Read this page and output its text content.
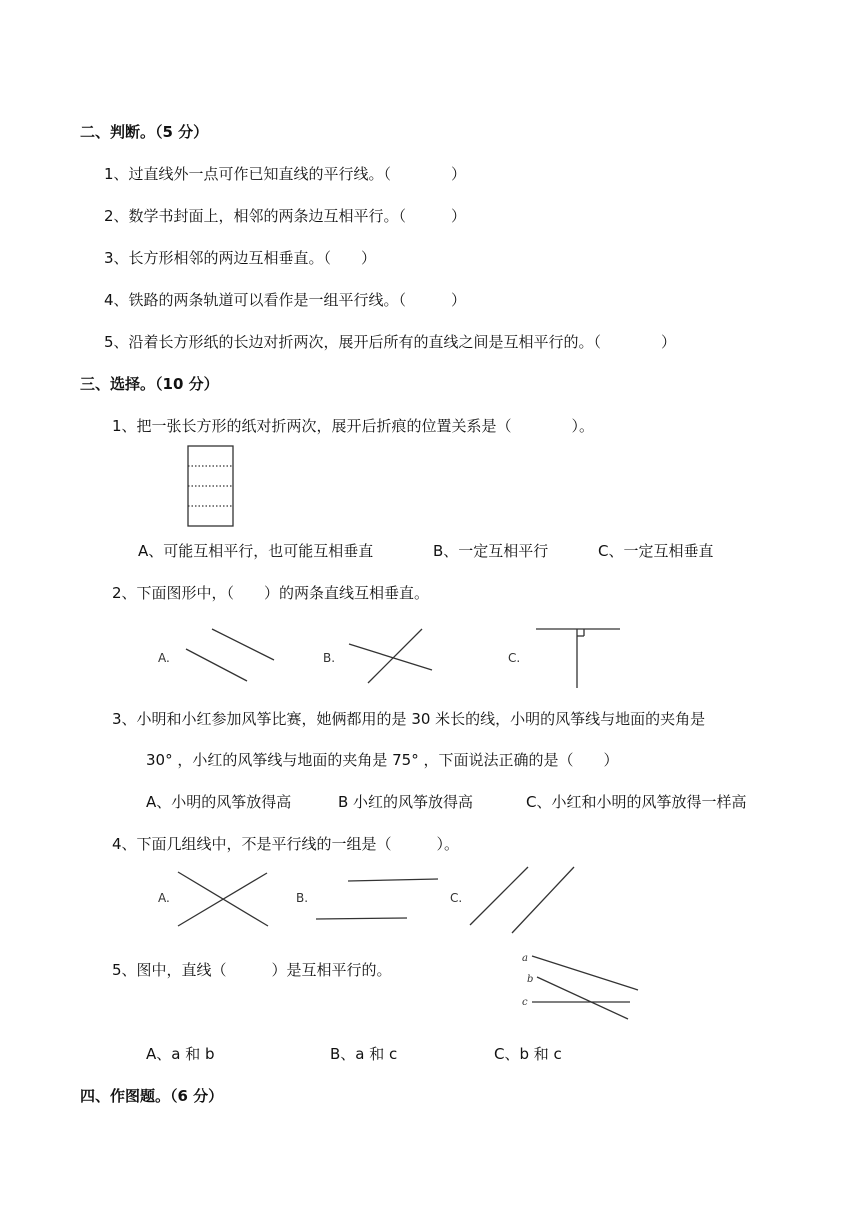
二、判断。（5 分）
1、过直线外一点可作已知直线的平行线。（　　　　）
2、数学书封面上，相邻的两条边互相平行。（　　　）
3、长方形相邻的两边互相垂直。（　　）
4、铁路的两条轨道可以看作是一组平行线。（　　　）
5、沿着长方形纸的长边对折两次，展开后所有的直线之间是互相平行的。（　　　　）
三、选择。（10 分）
1、把一张长方形的纸对折两次，展开后折痕的位置关系是（　　　　）。
A、可能互相平行，也可能互相垂直	B、一定互相平行	C、一定互相垂直
2、下面图形中，（　　）的两条直线互相垂直。
A.	B.	C.
3、小明和小红参加风筝比赛，她俩都用的是 30 米长的线，小明的风筝线与地面的夹角是
30° ，小红的风筝线与地面的夹角是 75° ，下面说法正确的是（　　）
A、小明的风筝放得高	B 小红的风筝放得高	C、小红和小明的风筝放得一样高
4、下面几组线中，不是平行线的一组是（　　　）。
A.	B.	C.
5、图中，直线（　　　）是互相平行的。
a
b
c
A、a 和 b	B、a 和 c	C、b 和 c
四、作图题。（6 分）
